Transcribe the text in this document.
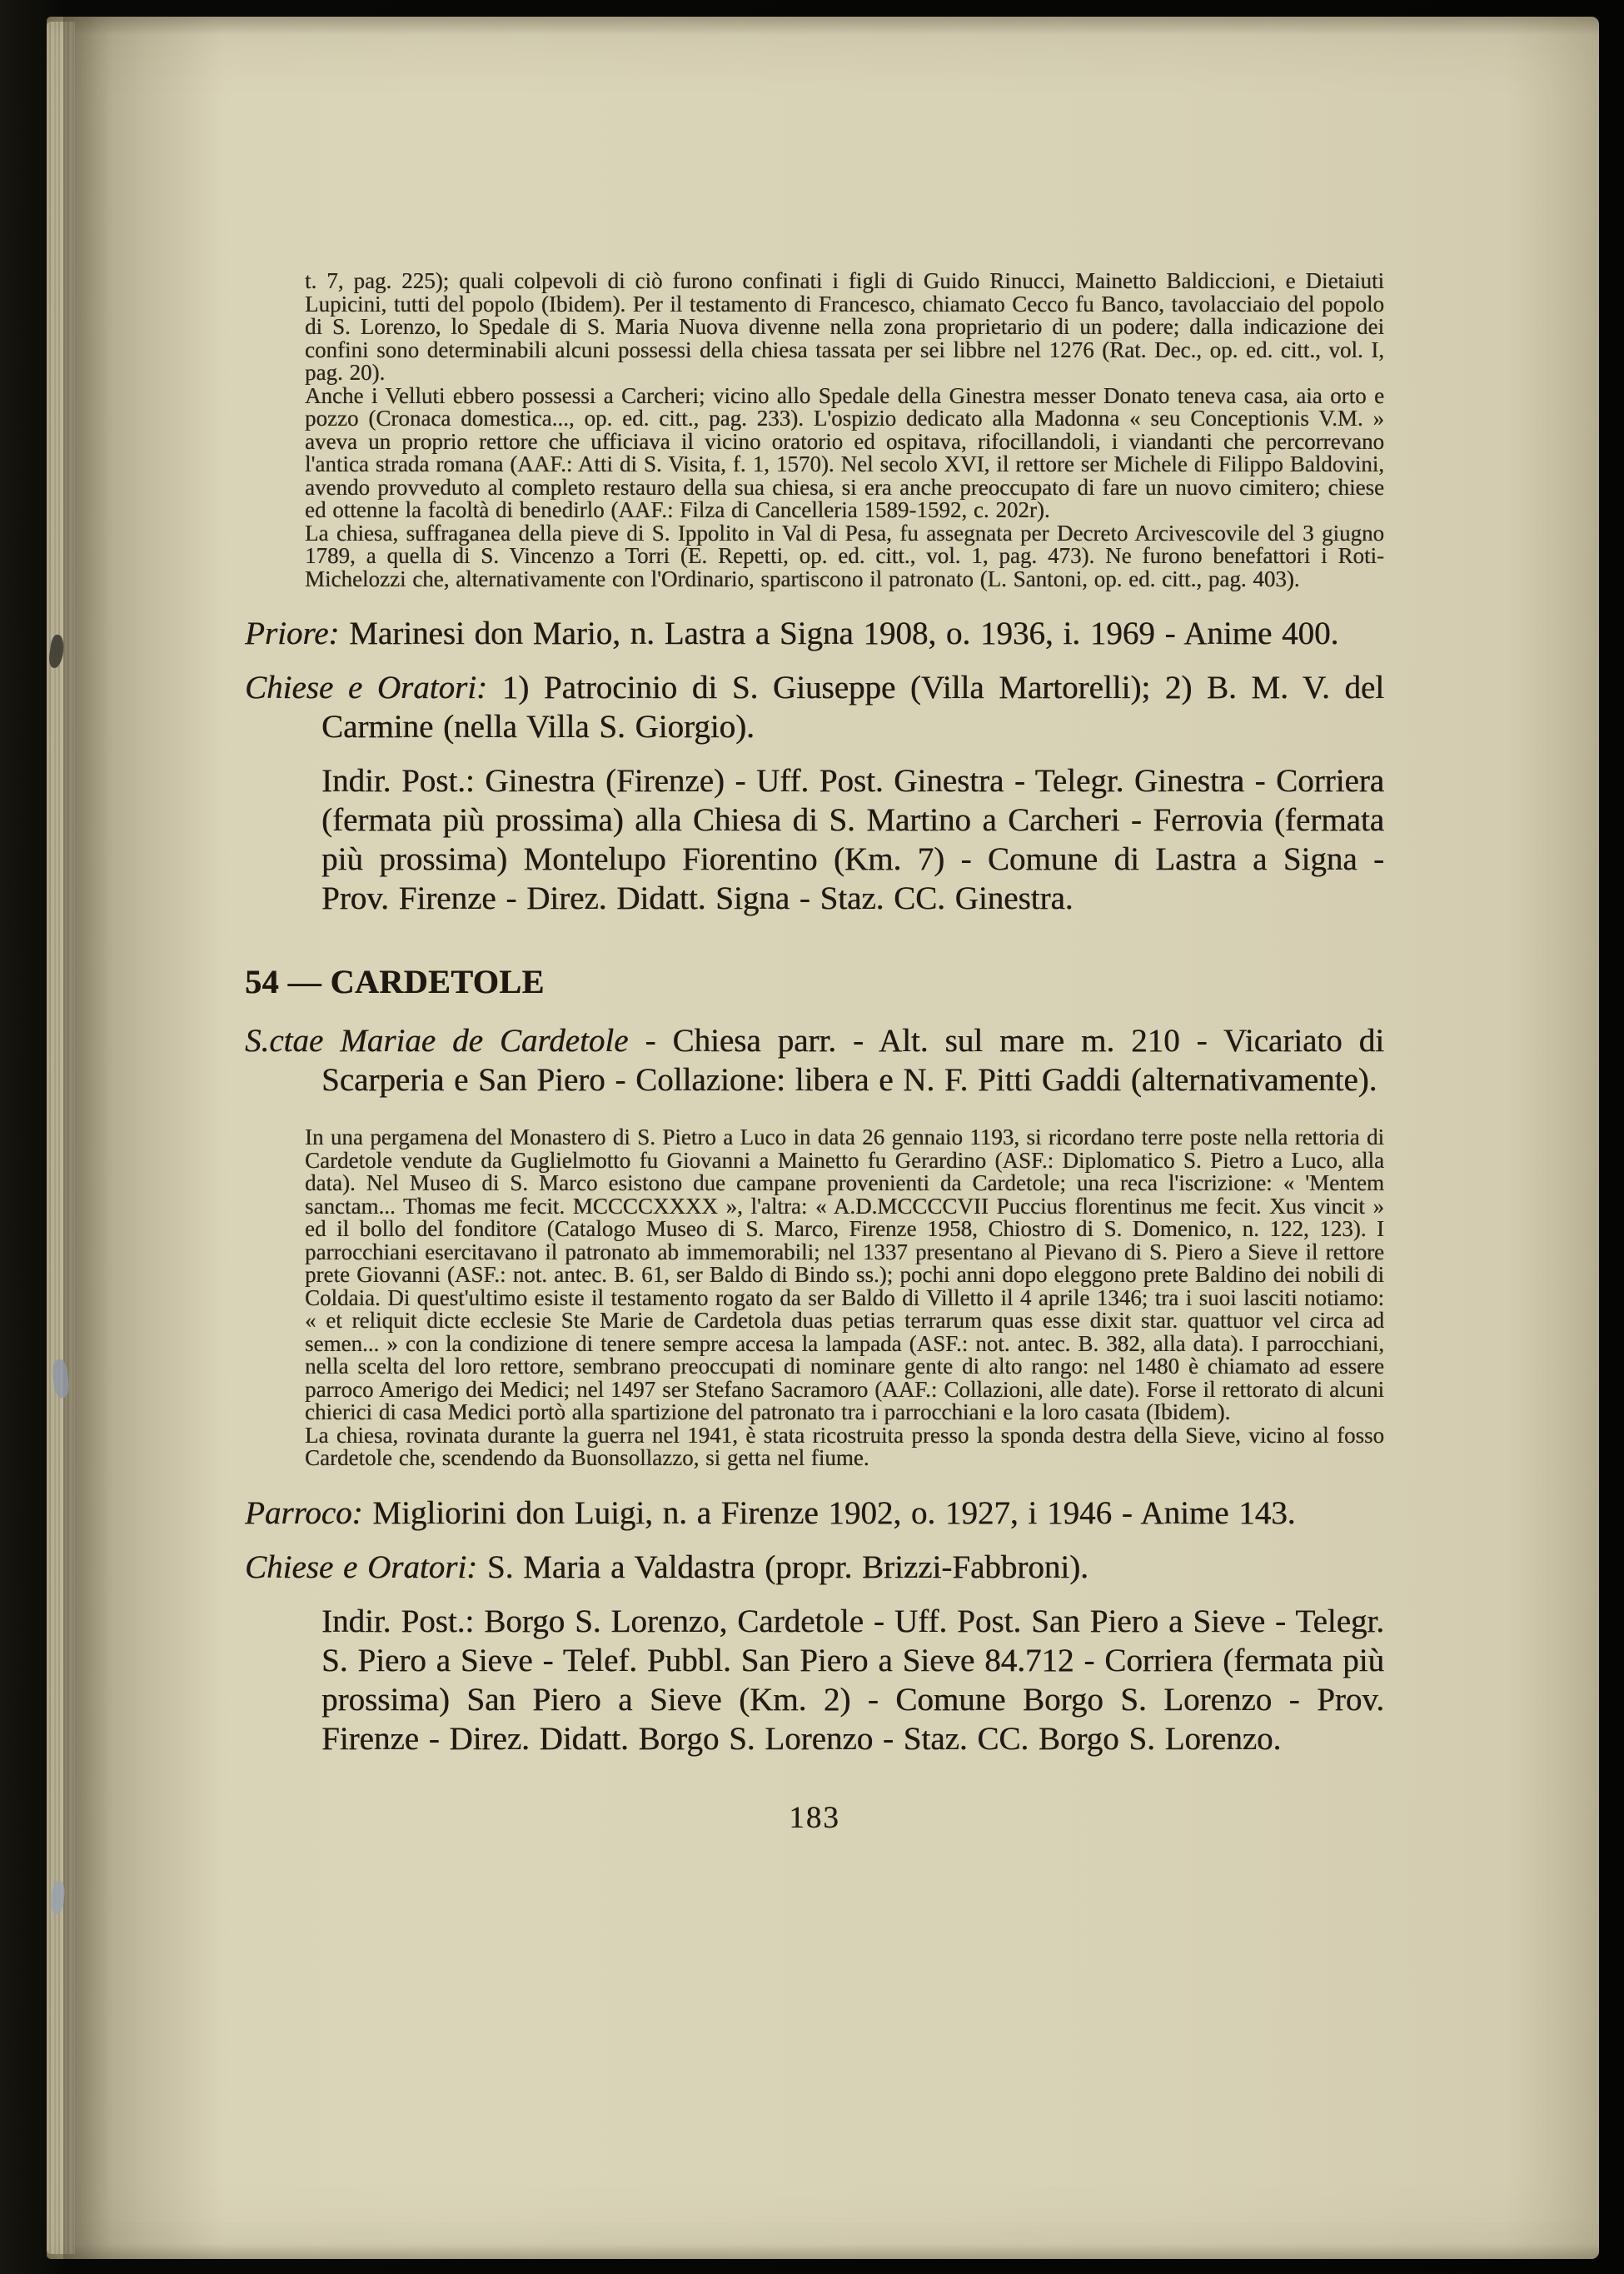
t. 7, pag. 225); quali colpevoli di ciò furono confinati i figli di Guido Rinucci, Mainetto Baldiccioni, e Dietaiuti Lupicini, tutti del popolo (Ibidem). Per il testamento di Francesco, chiamato Cecco fu Banco, tavolacciaio del popolo di S. Lorenzo, lo Spedale di S. Maria Nuova divenne nella zona proprietario di un podere; dalla indicazione dei confini sono determinabili alcuni possessi della chiesa tassata per sei libbre nel 1276 (Rat. Dec., op. ed. citt., vol. I, pag. 20).

Anche i Velluti ebbero possessi a Carcheri; vicino allo Spedale della Ginestra messer Donato teneva casa, aia orto e pozzo (Cronaca domestica..., op. ed. citt., pag. 233). L'ospizio dedicato alla Madonna « seu Conceptionis V.M. » aveva un proprio rettore che ufficiava il vicino oratorio ed ospitava, rifocillandoli, i viandanti che percorrevano l'antica strada romana (AAF.: Atti di S. Visita, f. 1, 1570). Nel secolo XVI, il rettore ser Michele di Filippo Baldovini, avendo provveduto al completo restauro della sua chiesa, si era anche preoccupato di fare un nuovo cimitero; chiese ed ottenne la facoltà di benedirlo (AAF.: Filza di Cancelleria 1589-1592, c. 202r).

La chiesa, suffraganea della pieve di S. Ippolito in Val di Pesa, fu assegnata per Decreto Arcivescovile del 3 giugno 1789, a quella di S. Vincenzo a Torri (E. Repetti, op. ed. citt., vol. 1, pag. 473). Ne furono benefattori i Roti-Michelozzi che, alternativamente con l'Ordinario, spartiscono il patronato (L. Santoni, op. ed. citt., pag. 403).

Priore: Marinesi don Mario, n. Lastra a Signa 1908, o. 1936, i. 1969 - Anime 400.

Chiese e Oratori: 1) Patrocinio di S. Giuseppe (Villa Martorelli); 2) B. M. V. del Carmine (nella Villa S. Giorgio).

Indir. Post.: Ginestra (Firenze) - Uff. Post. Ginestra - Telegr. Ginestra - Corriera (fermata più prossima) alla Chiesa di S. Martino a Carcheri - Ferrovia (fermata più prossima) Montelupo Fiorentino (Km. 7) - Comune di Lastra a Signa - Prov. Firenze - Direz. Didatt. Signa - Staz. CC. Ginestra.

54 — CARDETOLE

S.ctae Mariae de Cardetole - Chiesa parr. - Alt. sul mare m. 210 - Vicariato di Scarperia e San Piero - Collazione: libera e N. F. Pitti Gaddi (alternativamente).

In una pergamena del Monastero di S. Pietro a Luco in data 26 gennaio 1193, si ricordano terre poste nella rettoria di Cardetole vendute da Guglielmotto fu Giovanni a Mainetto fu Gerardino (ASF.: Diplomatico S. Pietro a Luco, alla data). Nel Museo di S. Marco esistono due campane provenienti da Cardetole; una reca l'iscrizione: « 'Mentem sanctam... Thomas me fecit. MCCCCXXXX », l'altra: « A.D.MCCCCVII Puccius florentinus me fecit. Xus vincit » ed il bollo del fonditore (Catalogo Museo di S. Marco, Firenze 1958, Chiostro di S. Domenico, n. 122, 123). I parrocchiani esercitavano il patronato ab immemorabili; nel 1337 presentano al Pievano di S. Piero a Sieve il rettore prete Giovanni (ASF.: not. antec. B. 61, ser Baldo di Bindo ss.); pochi anni dopo eleggono prete Baldino dei nobili di Coldaia. Di quest'ultimo esiste il testamento rogato da ser Baldo di Villetto il 4 aprile 1346; tra i suoi lasciti notiamo: « et reliquit dicte ecclesie Ste Marie de Cardetola duas petias terrarum quas esse dixit star. quattuor vel circa ad semen... » con la condizione di tenere sempre accesa la lampada (ASF.: not. antec. B. 382, alla data). I parrocchiani, nella scelta del loro rettore, sembrano preoccupati di nominare gente di alto rango: nel 1480 è chiamato ad essere parroco Amerigo dei Medici; nel 1497 ser Stefano Sacramoro (AAF.: Collazioni, alle date). Forse il rettorato di alcuni chierici di casa Medici portò alla spartizione del patronato tra i parrocchiani e la loro casata (Ibidem).

La chiesa, rovinata durante la guerra nel 1941, è stata ricostruita presso la sponda destra della Sieve, vicino al fosso Cardetole che, scendendo da Buonsollazzo, si getta nel fiume.

Parroco: Migliorini don Luigi, n. a Firenze 1902, o. 1927, i 1946 - Anime 143.

Chiese e Oratori: S. Maria a Valdastra (propr. Brizzi-Fabbroni).

Indir. Post.: Borgo S. Lorenzo, Cardetole - Uff. Post. San Piero a Sieve - Telegr. S. Piero a Sieve - Telef. Pubbl. San Piero a Sieve 84.712 - Corriera (fermata più prossima) San Piero a Sieve (Km. 2) - Comune Borgo S. Lorenzo - Prov. Firenze - Direz. Didatt. Borgo S. Lorenzo - Staz. CC. Borgo S. Lorenzo.

183
